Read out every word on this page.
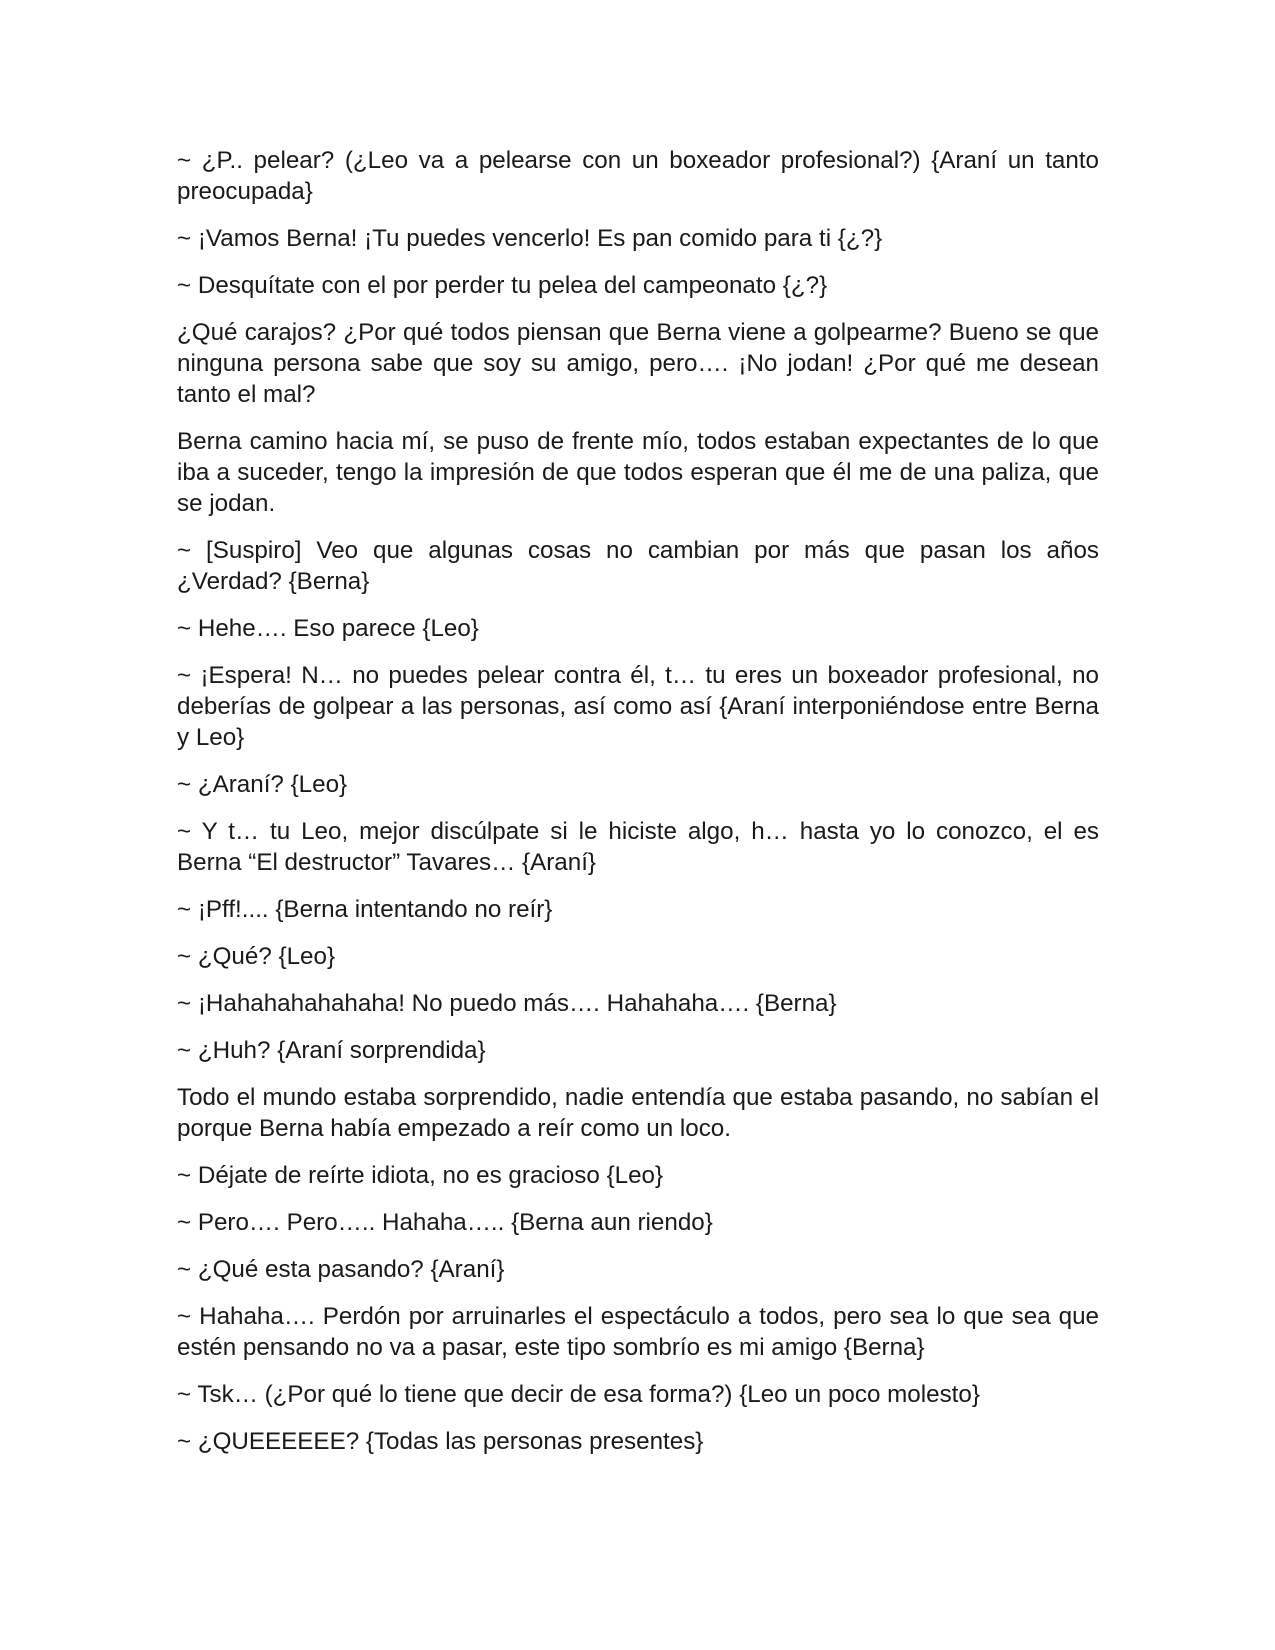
~ ¿P.. pelear? (¿Leo va a pelearse con un boxeador profesional?) {Araní un tanto preocupada}

~ ¡Vamos Berna! ¡Tu puedes vencerlo! Es pan comido para ti {¿?}

~ Desquítate con el por perder tu pelea del campeonato {¿?}

¿Qué carajos? ¿Por qué todos piensan que Berna viene a golpearme? Bueno se que ninguna persona sabe que soy su amigo, pero…. ¡No jodan! ¿Por qué me desean tanto el mal?

Berna camino hacia mí, se puso de frente mío, todos estaban expectantes de lo que iba a suceder, tengo la impresión de que todos esperan que él me de una paliza, que se jodan.

~ [Suspiro] Veo que algunas cosas no cambian por más que pasan los años ¿Verdad? {Berna}

~ Hehe…. Eso parece {Leo}

~ ¡Espera! N… no puedes pelear contra él, t… tu eres un boxeador profesional, no deberías de golpear a las personas, así como así {Araní interponiéndose entre Berna y Leo}

~ ¿Araní? {Leo}

~ Y t… tu Leo, mejor discúlpate si le hiciste algo, h… hasta yo lo conozco, el es Berna “El destructor” Tavares… {Araní}

~ ¡Pff!.... {Berna intentando no reír}

~ ¿Qué? {Leo}

~ ¡Hahahahahahaha! No puedo más…. Hahahaha…. {Berna}

~ ¿Huh? {Araní sorprendida}

Todo el mundo estaba sorprendido, nadie entendía que estaba pasando, no sabían el porque Berna había empezado a reír como un loco.

~ Déjate de reírte idiota, no es gracioso {Leo}

~ Pero…. Pero….. Hahaha….. {Berna aun riendo}

~ ¿Qué esta pasando? {Araní}

~ Hahaha…. Perdón por arruinarles el espectáculo a todos, pero sea lo que sea que estén pensando no va a pasar, este tipo sombrío es mi amigo {Berna}

~ Tsk… (¿Por qué lo tiene que decir de esa forma?) {Leo un poco molesto}

~ ¿QUEEEEEE? {Todas las personas presentes}
